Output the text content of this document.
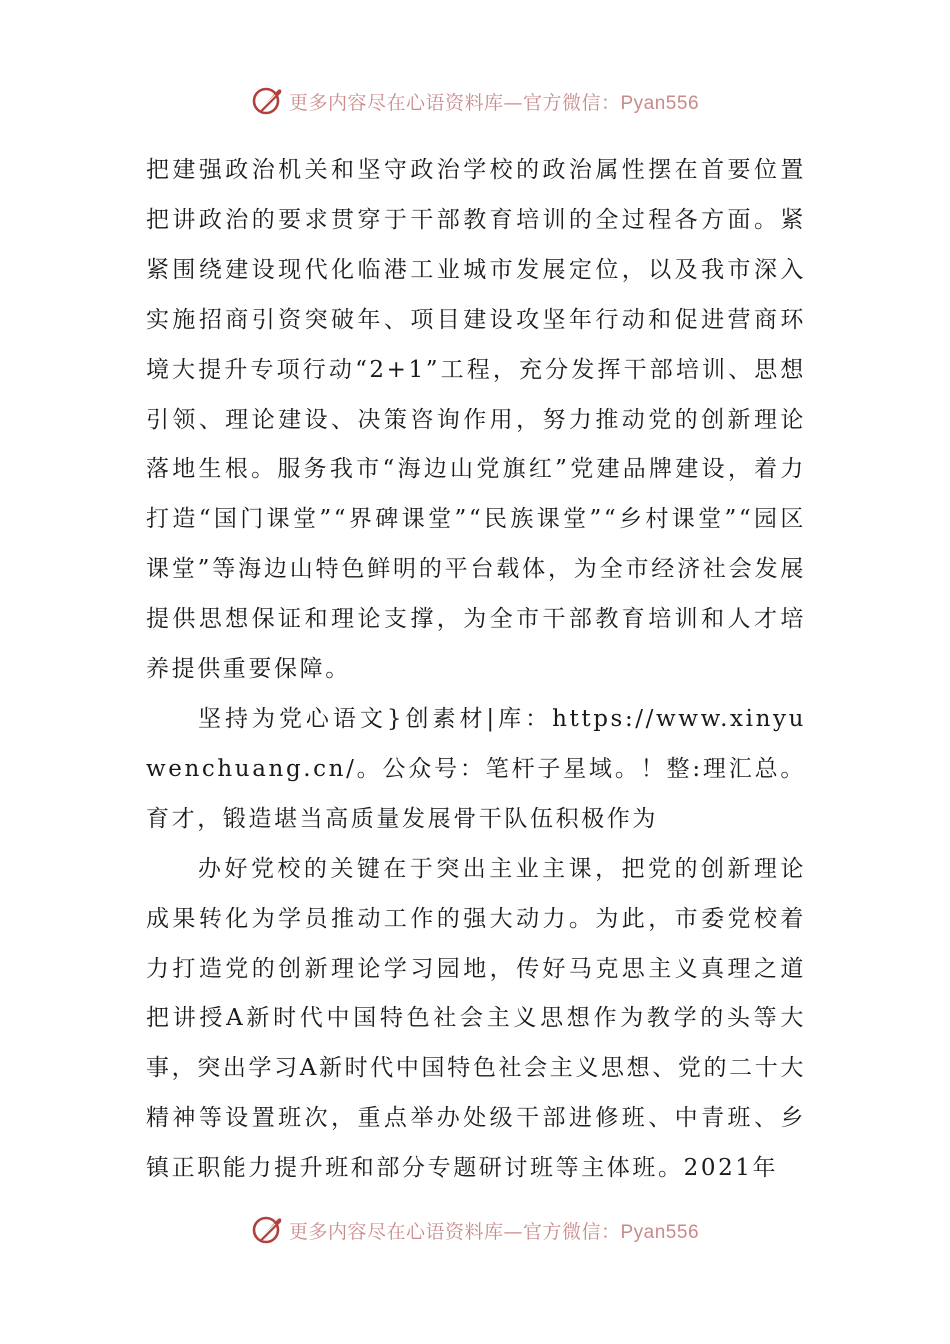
更多内容尽在心语资料库—官方微信：Pyan556

把建强政治机关和坚守政治学校的政治属性摆在首要位置把讲政治的要求贯穿于干部教育培训的全过程各方面。紧紧围绕建设现代化临港工业城市发展定位，以及我市深入实施招商引资突破年、项目建设攻坚年行动和促进营商环境大提升专项行动“2+1”工程，充分发挥干部培训、思想引领、理论建设、决策咨询作用，努力推动党的创新理论落地生根。服务我市“海边山党旗红”党建品牌建设，着力打造“国门课堂”“界碑课堂”“民族课堂”“乡村课堂”“园区课堂”等海边山特色鲜明的平台载体，为全市经济社会发展提供思想保证和理论支撑，为全市干部教育培训和人才培养提供重要保障。

坚持为党心语文}创素材|库：https://www.xinyuwenchuang.cn/。公众号：笔杆子星域。！整:理汇总。育才，锻造堪当高质量发展骨干队伍积极作为

办好党校的关键在于突出主业主课，把党的创新理论成果转化为学员推动工作的强大动力。为此，市委党校着力打造党的创新理论学习园地，传好马克思主义真理之道把讲授A新时代中国特色社会主义思想作为教学的头等大事，突出学习A新时代中国特色社会主义思想、党的二十大精神等设置班次，重点举办处级干部进修班、中青班、乡镇正职能力提升班和部分专题研讨班等主体班。2021年

更多内容尽在心语资料库—官方微信：Pyan556
